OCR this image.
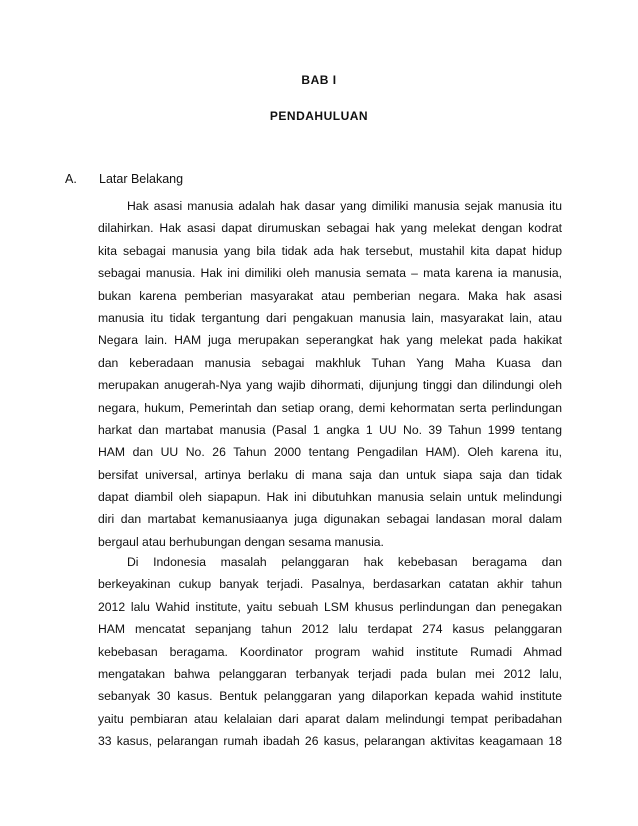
BAB I
PENDAHULUAN
A.	Latar Belakang
Hak asasi manusia adalah hak dasar yang dimiliki manusia sejak manusia itu
dilahirkan. Hak asasi dapat dirumuskan sebagai hak yang melekat dengan kodrat
kita sebagai manusia yang bila tidak ada hak tersebut, mustahil kita dapat hidup
sebagai manusia. Hak ini dimiliki oleh manusia semata – mata karena ia manusia,
bukan karena pemberian masyarakat atau pemberian negara. Maka hak asasi
manusia itu tidak tergantung dari pengakuan manusia lain, masyarakat lain, atau
Negara lain. HAM juga merupakan seperangkat hak yang melekat pada hakikat
dan keberadaan manusia sebagai makhluk Tuhan Yang Maha Kuasa dan
merupakan anugerah-Nya yang wajib dihormati, dijunjung tinggi dan dilindungi oleh
negara, hukum, Pemerintah dan setiap orang, demi kehormatan serta perlindungan
harkat dan martabat manusia (Pasal 1 angka 1 UU No. 39 Tahun 1999 tentang
HAM dan UU No. 26 Tahun 2000 tentang Pengadilan HAM). Oleh karena itu,
bersifat universal, artinya berlaku di mana saja dan untuk siapa saja dan tidak
dapat diambil oleh siapapun. Hak ini dibutuhkan manusia selain untuk melindungi
diri dan martabat kemanusiaanya juga digunakan sebagai landasan moral dalam
bergaul atau berhubungan dengan sesama manusia.
Di Indonesia masalah pelanggaran hak kebebasan beragama dan
berkeyakinan cukup banyak terjadi. Pasalnya, berdasarkan catatan akhir tahun
2012 lalu Wahid institute, yaitu sebuah LSM khusus perlindungan dan penegakan
HAM mencatat sepanjang tahun 2012 lalu terdapat 274 kasus pelanggaran
kebebasan beragama. Koordinator program wahid institute Rumadi Ahmad
mengatakan bahwa pelanggaran terbanyak terjadi pada bulan mei 2012 lalu,
sebanyak 30 kasus. Bentuk pelanggaran yang dilaporkan kepada wahid institute
yaitu pembiaran atau kelalaian dari aparat dalam melindungi tempat peribadahan
33 kasus, pelarangan rumah ibadah 26 kasus, pelarangan aktivitas keagamaan 18
